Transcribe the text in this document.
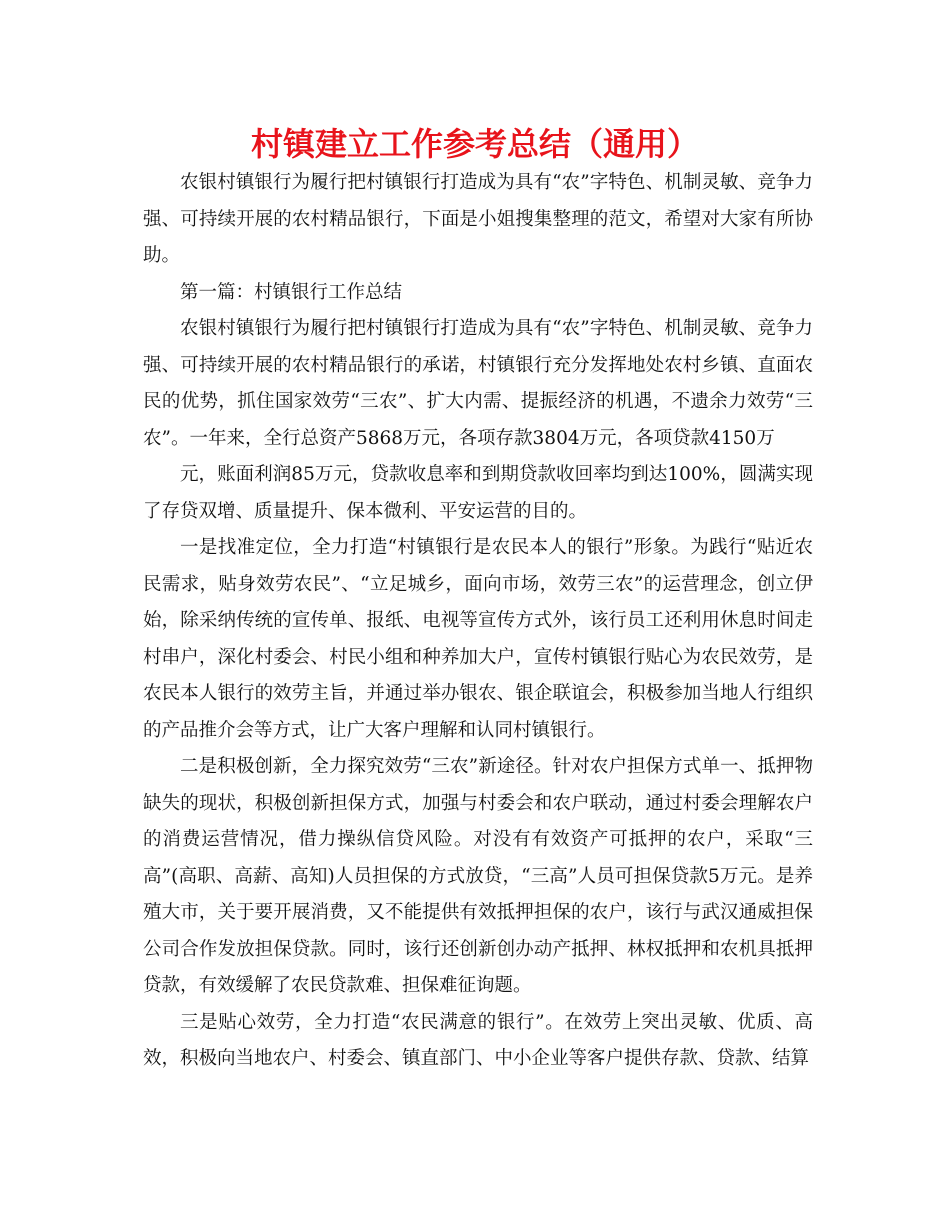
村镇建立工作参考总结（通用）

农银村镇银行为履行把村镇银行打造成为具有“农”字特色、机制灵敏、竞争力强、可持续开展的农村精品银行，下面是小姐搜集整理的范文，希望对大家有所协助。

第一篇：村镇银行工作总结

农银村镇银行为履行把村镇银行打造成为具有“农”字特色、机制灵敏、竞争力强、可持续开展的农村精品银行的承诺，村镇银行充分发挥地处农村乡镇、直面农民的优势，抓住国家效劳“三农”、扩大内需、提振经济的机遇，不遗余力效劳“三农”。一年来，全行总资产5868万元，各项存款3804万元，各项贷款4150万

元，账面利润85万元，贷款收息率和到期贷款收回率均到达100%，圆满实现了存贷双增、质量提升、保本微利、平安运营的目的。

一是找准定位，全力打造“村镇银行是农民本人的银行”形象。为践行“贴近农民需求，贴身效劳农民”、“立足城乡，面向市场，效劳三农”的运营理念，创立伊始，除采纳传统的宣传单、报纸、电视等宣传方式外，该行员工还利用休息时间走村串户，深化村委会、村民小组和种养加大户，宣传村镇银行贴心为农民效劳，是农民本人银行的效劳主旨，并通过举办银农、银企联谊会，积极参加当地人行组织的产品推介会等方式，让广大客户理解和认同村镇银行。

二是积极创新，全力探究效劳“三农”新途径。针对农户担保方式单一、抵押物缺失的现状，积极创新担保方式，加强与村委会和农户联动，通过村委会理解农户的消费运营情况，借力操纵信贷风险。对没有有效资产可抵押的农户，采取“三高”(高职、高薪、高知)人员担保的方式放贷，“三高”人员可担保贷款5万元。是养殖大市，关于要开展消费，又不能提供有效抵押担保的农户，该行与武汉通威担保公司合作发放担保贷款。同时，该行还创新创办动产抵押、林权抵押和农机具抵押贷款，有效缓解了农民贷款难、担保难征询题。

三是贴心效劳，全力打造“农民满意的银行”。在效劳上突出灵敏、优质、高效，积极向当地农户、村委会、镇直部门、中小企业等客户提供存款、贷款、结算
